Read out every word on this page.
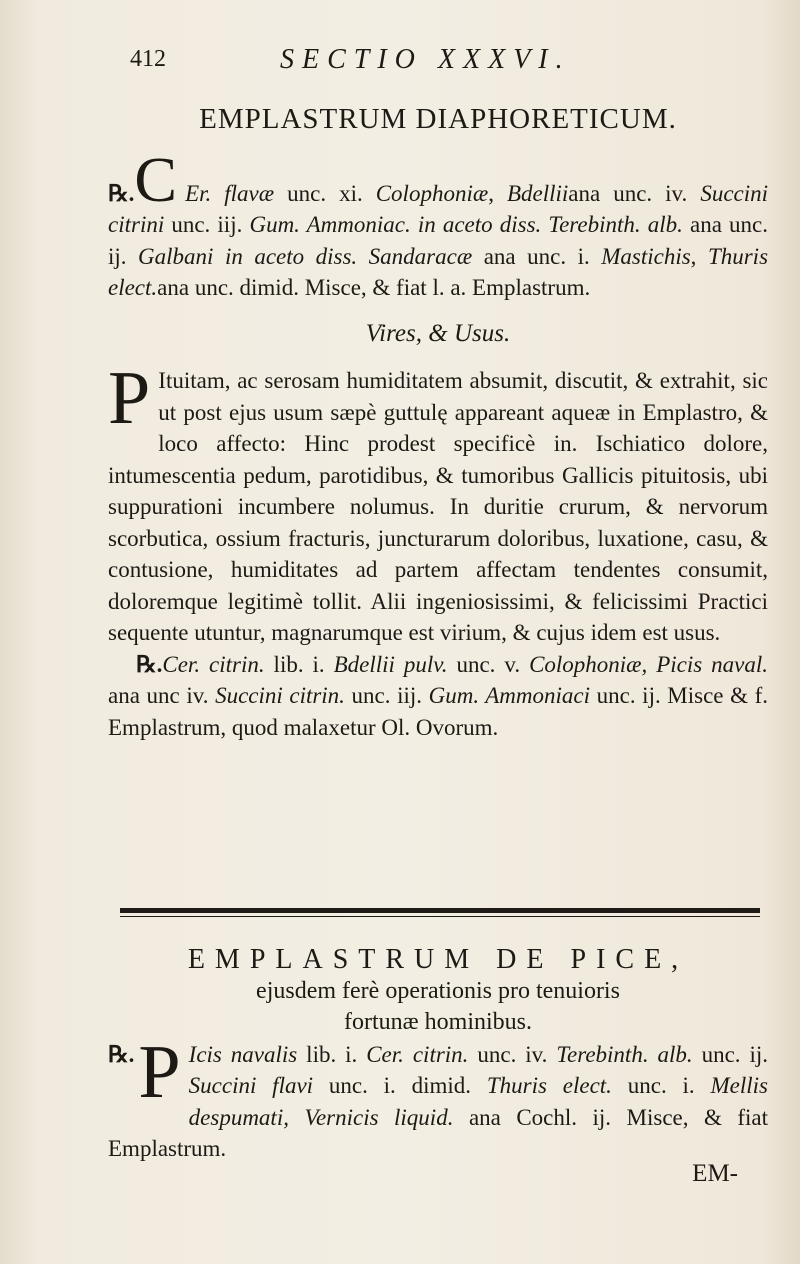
412	SECTIO XXXVI.
EMPLASTRUM DIAPHORETICUM.
℞.C Er. flavæ unc. xi. Colophoniæ, Bdelliiana unc. iv. Succini citrini unc. iij. Gum. Ammoniac. in aceto diss. Terebinth. alb. ana unc. ij. Galbani in aceto diss. Sandaracæ ana unc. i. Mastichis, Thuris elect.ana unc. dimid. Misce, & fiat l. a. Emplastrum.
Vires, & Usus.
P Ituitam, ac serosam humiditatem absumit, discutit, & extrahit, sic ut post ejus usum sæpè guttulę appareant aqueæ in Emplastro, & loco affecto: Hinc prodest specificè in. Ischiatico dolore, intumescentia pedum, parotidibus, & tumoribus Gallicis pituitosis, ubi suppurationi incumbere nolumus. In duritie crurum, & nervorum scorbutica, ossium fracturis, juncturarum doloribus, luxatione, casu, & contusione, humiditates ad partem affectam tendentes consumit, doloremque legitimè tollit. Alii ingeniosissimi, & felicissimi Practici sequente utuntur, magnarumque est virium, & cujus idem est usus.
℞.Cer. citrin. lib. i. Bdellii pulv. unc. v. Colophoniæ, Picis naval. ana unc iv. Succini citrin. unc. iij. Gum. Ammoniaci unc. ij. Misce & f. Emplastrum, quod malaxetur Ol. Ovorum.
EMPLASTRUM DE PICE,
ejusdem ferè operationis pro tenuioris
fortunæ hominibus.
℞. P Icis navalis lib. i. Cer. citrin. unc. iv. Terebinth. alb. unc. ij. Succini flavi unc. i. dimid. Thuris elect. unc. i. Mellis despumati, Vernicis liquid. ana Cochl. ij. Misce, & fiat Emplastrum.
EM-
